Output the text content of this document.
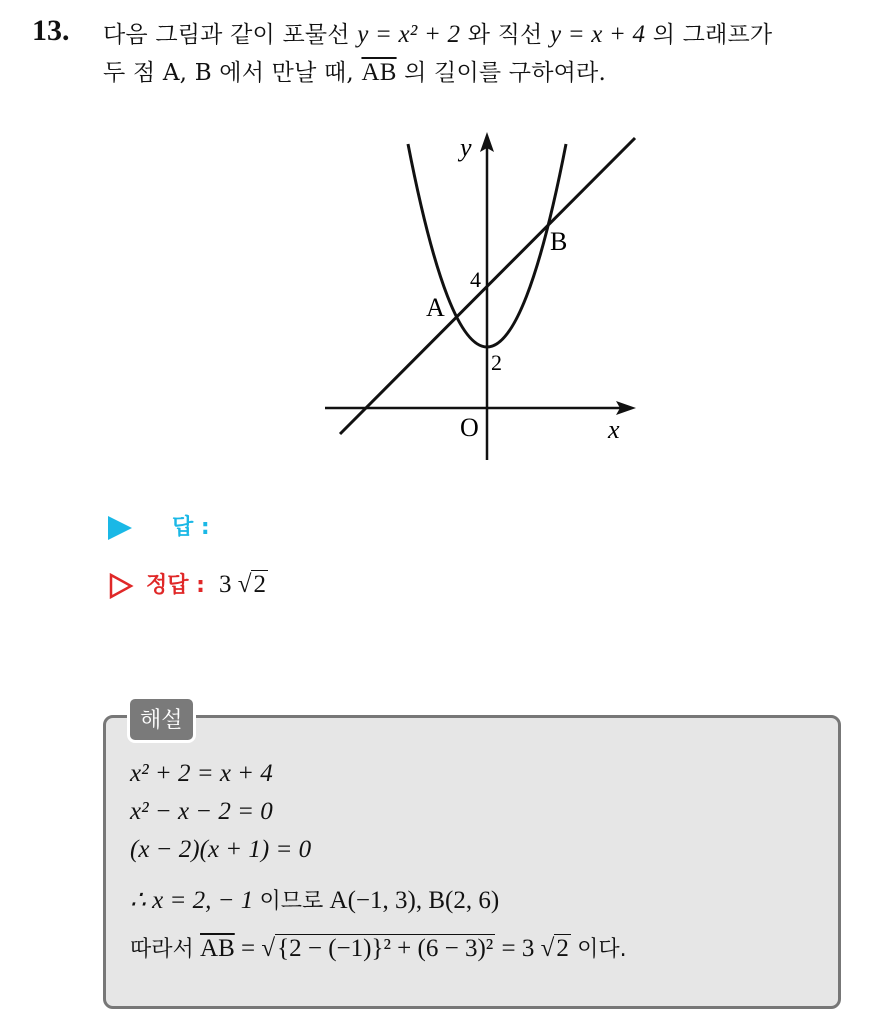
13. 다음 그림과 같이 포물선 y = x² + 2 와 직선 y = x + 4 의 그래프가
두 점 A, B 에서 만날 때, $\overline{AB}$ 의 길이를 구하여라.
y
x
O
A
B
4
2
답 :
정답 : 3 √2
해설
x² + 2 = x + 4
x² − x − 2 = 0
(x − 2)(x + 1) = 0
∴ x = 2, − 1 이므로 A(−1, 3), B(2, 6)
따라서 $\overline{AB} = √\{2 - (-1)\}^2 + (6 - 3)^2 = 3$ √2 이다.
